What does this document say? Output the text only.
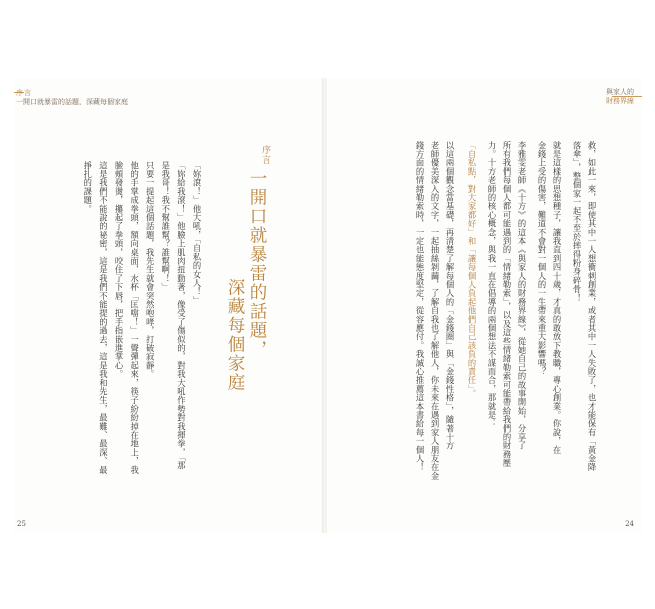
序言
一開口就暴雷的話題，深藏每個家庭
「妳滾！」他大吼，「自私的女人！」
「妳給我滾！」他臉上肌肉扭動著，像受了傷似的，對我大吼作勢對我揮拳，「那
是我哥！我不幫誰幫？誰幫啊！」
只要一提起這個話題，我先生就會突然咆哮，打破寂靜。
他的手掌成拳頭，額向桌面，水杯「匡噹！」一聲彈起來，筷子紛紛掉在地上，我
臉頰發燙，攥起了拳頭，咬住了下唇，把手指嵌進掌心。
這是我們不能說的祕密，這是我們不能提的過去，這是我和先生，最難、最深、最
掙扎的課題。
序言
一開口就暴雷的話題，
深藏每個家庭
25
與家人的
財務界線
救，如此一來，即使其中一人想衝刺創業，或者其中一人失敗了，也才能保有「黃金降
落傘」，整個家一起不至於摔得粉身碎骨！
就是這樣的思想種子，讓我直到四十歲，才真的敢放下教職，專心創業。你說，在
金錢上受的傷害，難道不會對一個人的一生帶來重大影響嗎？
李雅雯老師《十方》的這本《與家人的財務界線》，從她自己的故事開始，分享了
所有我們每個人都可能遇到的「情緒勒索」，以及這些情緒勒索可能帶給我們的財務壓
力。十方老師的核心概念，與我一直在倡導的兩個想法不謀而合，那就是：
「自私點，對大家都好」和「讓每個人負起他們自己該負的責任」。
以這兩個觀念當基礎，再清楚了解每個人的「金錢圈」與「金錢性格」，隨著十方
老師優美深入的文字，一起抽絲剝繭，了解自我也了解他人，你未來在遇到家人朋友在金
錢方面的情緒勒索時，一定也能態度堅定，從容應付。我誠心推薦這本書給每一個人！
24
